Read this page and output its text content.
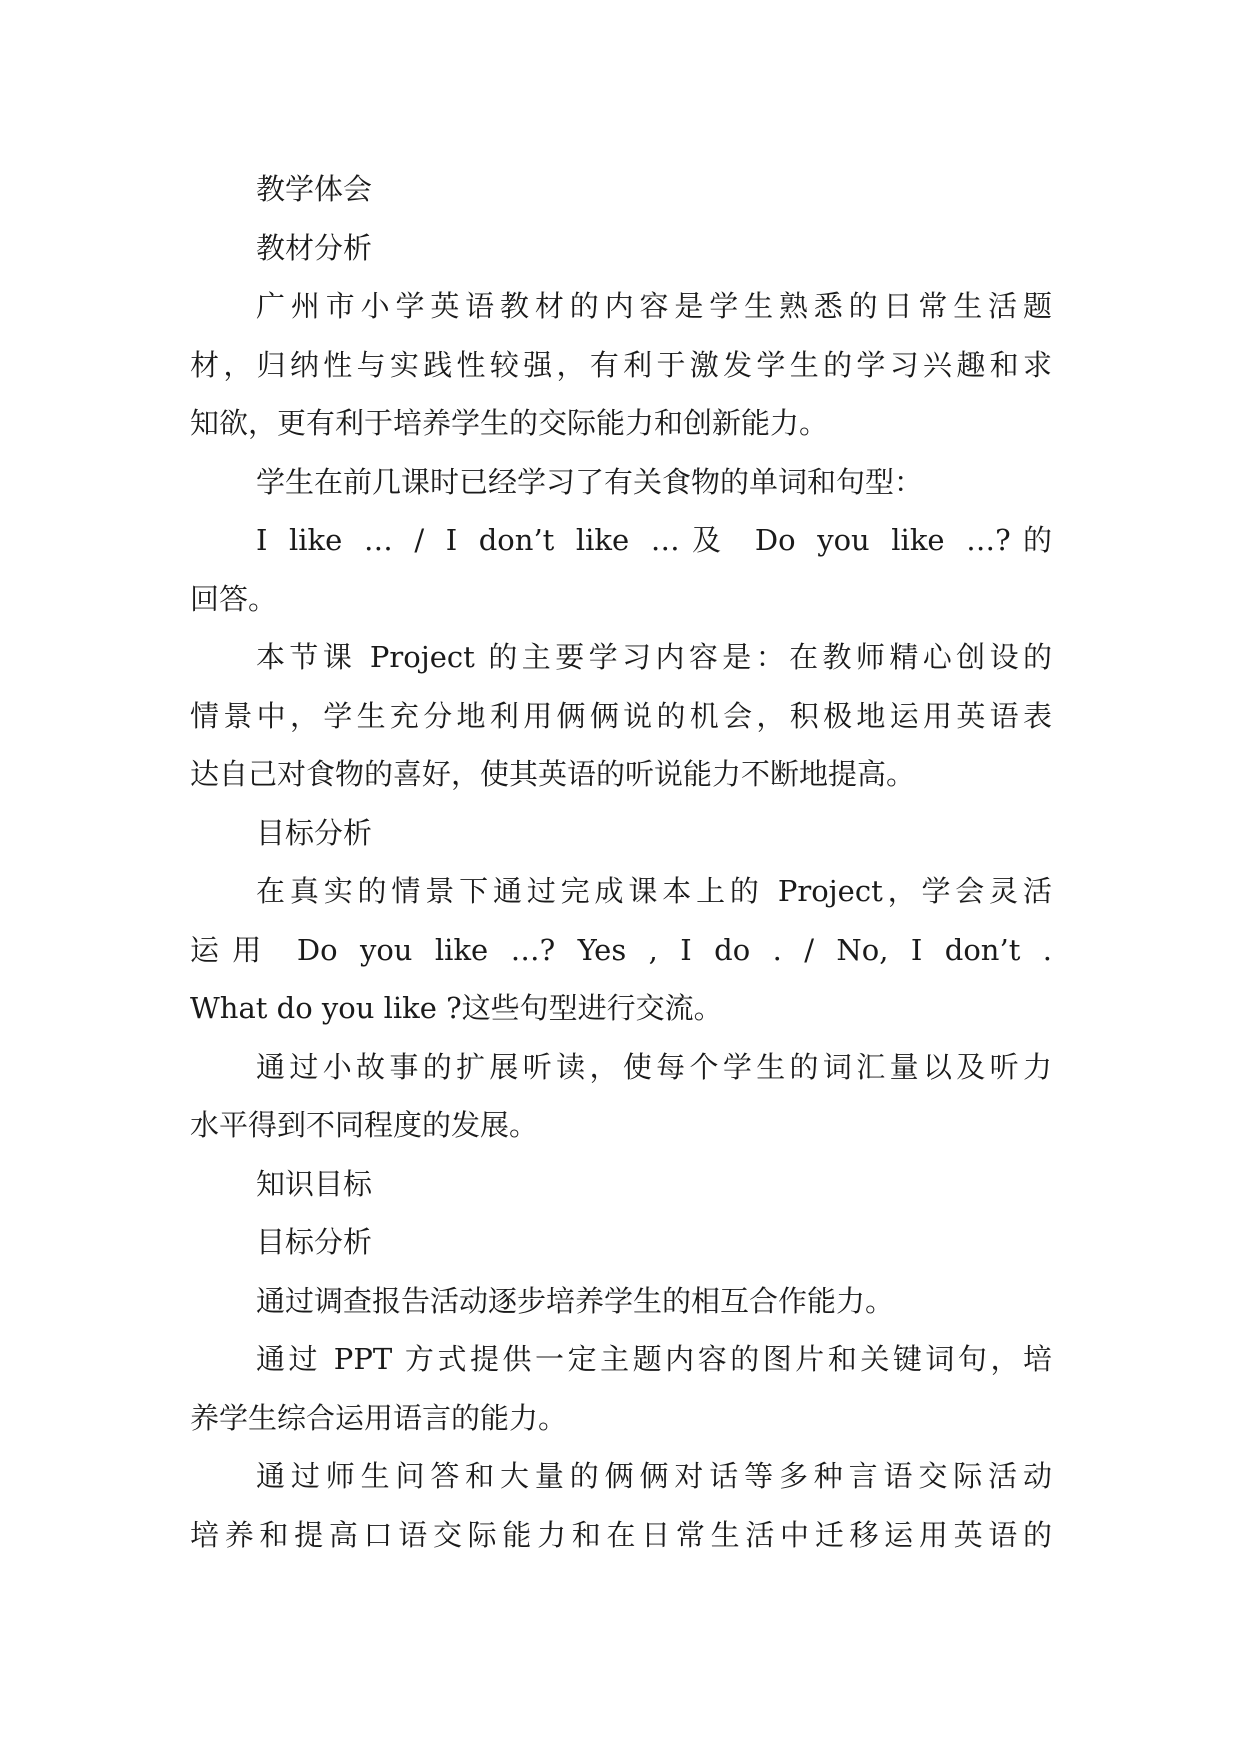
教学体会
教材分析
广州市小学英语教材的内容是学生熟悉的日常生活题
材，归纳性与实践性较强，有利于激发学生的学习兴趣和求
知欲，更有利于培养学生的交际能力和创新能力。
学生在前几课时已经学习了有关食物的单词和句型：
I like … / I don’t like …及 Do you like …?的
回答。
本节课 Project 的主要学习内容是：在教师精心创设的
情景中，学生充分地利用俩俩说的机会，积极地运用英语表
达自己对食物的喜好，使其英语的听说能力不断地提高。
目标分析
在真实的情景下通过完成课本上的 Project，学会灵活
运用 Do you like …? Yes , I do . / No, I don’t .
What do you like ?这些句型进行交流。
通过小故事的扩展听读，使每个学生的词汇量以及听力
水平得到不同程度的发展。
知识目标
目标分析
通过调查报告活动逐步培养学生的相互合作能力。
通过 PPT 方式提供一定主题内容的图片和关键词句，培
养学生综合运用语言的能力。
通过师生问答和大量的俩俩对话等多种言语交际活动
培养和提高口语交际能力和在日常生活中迁移运用英语的
